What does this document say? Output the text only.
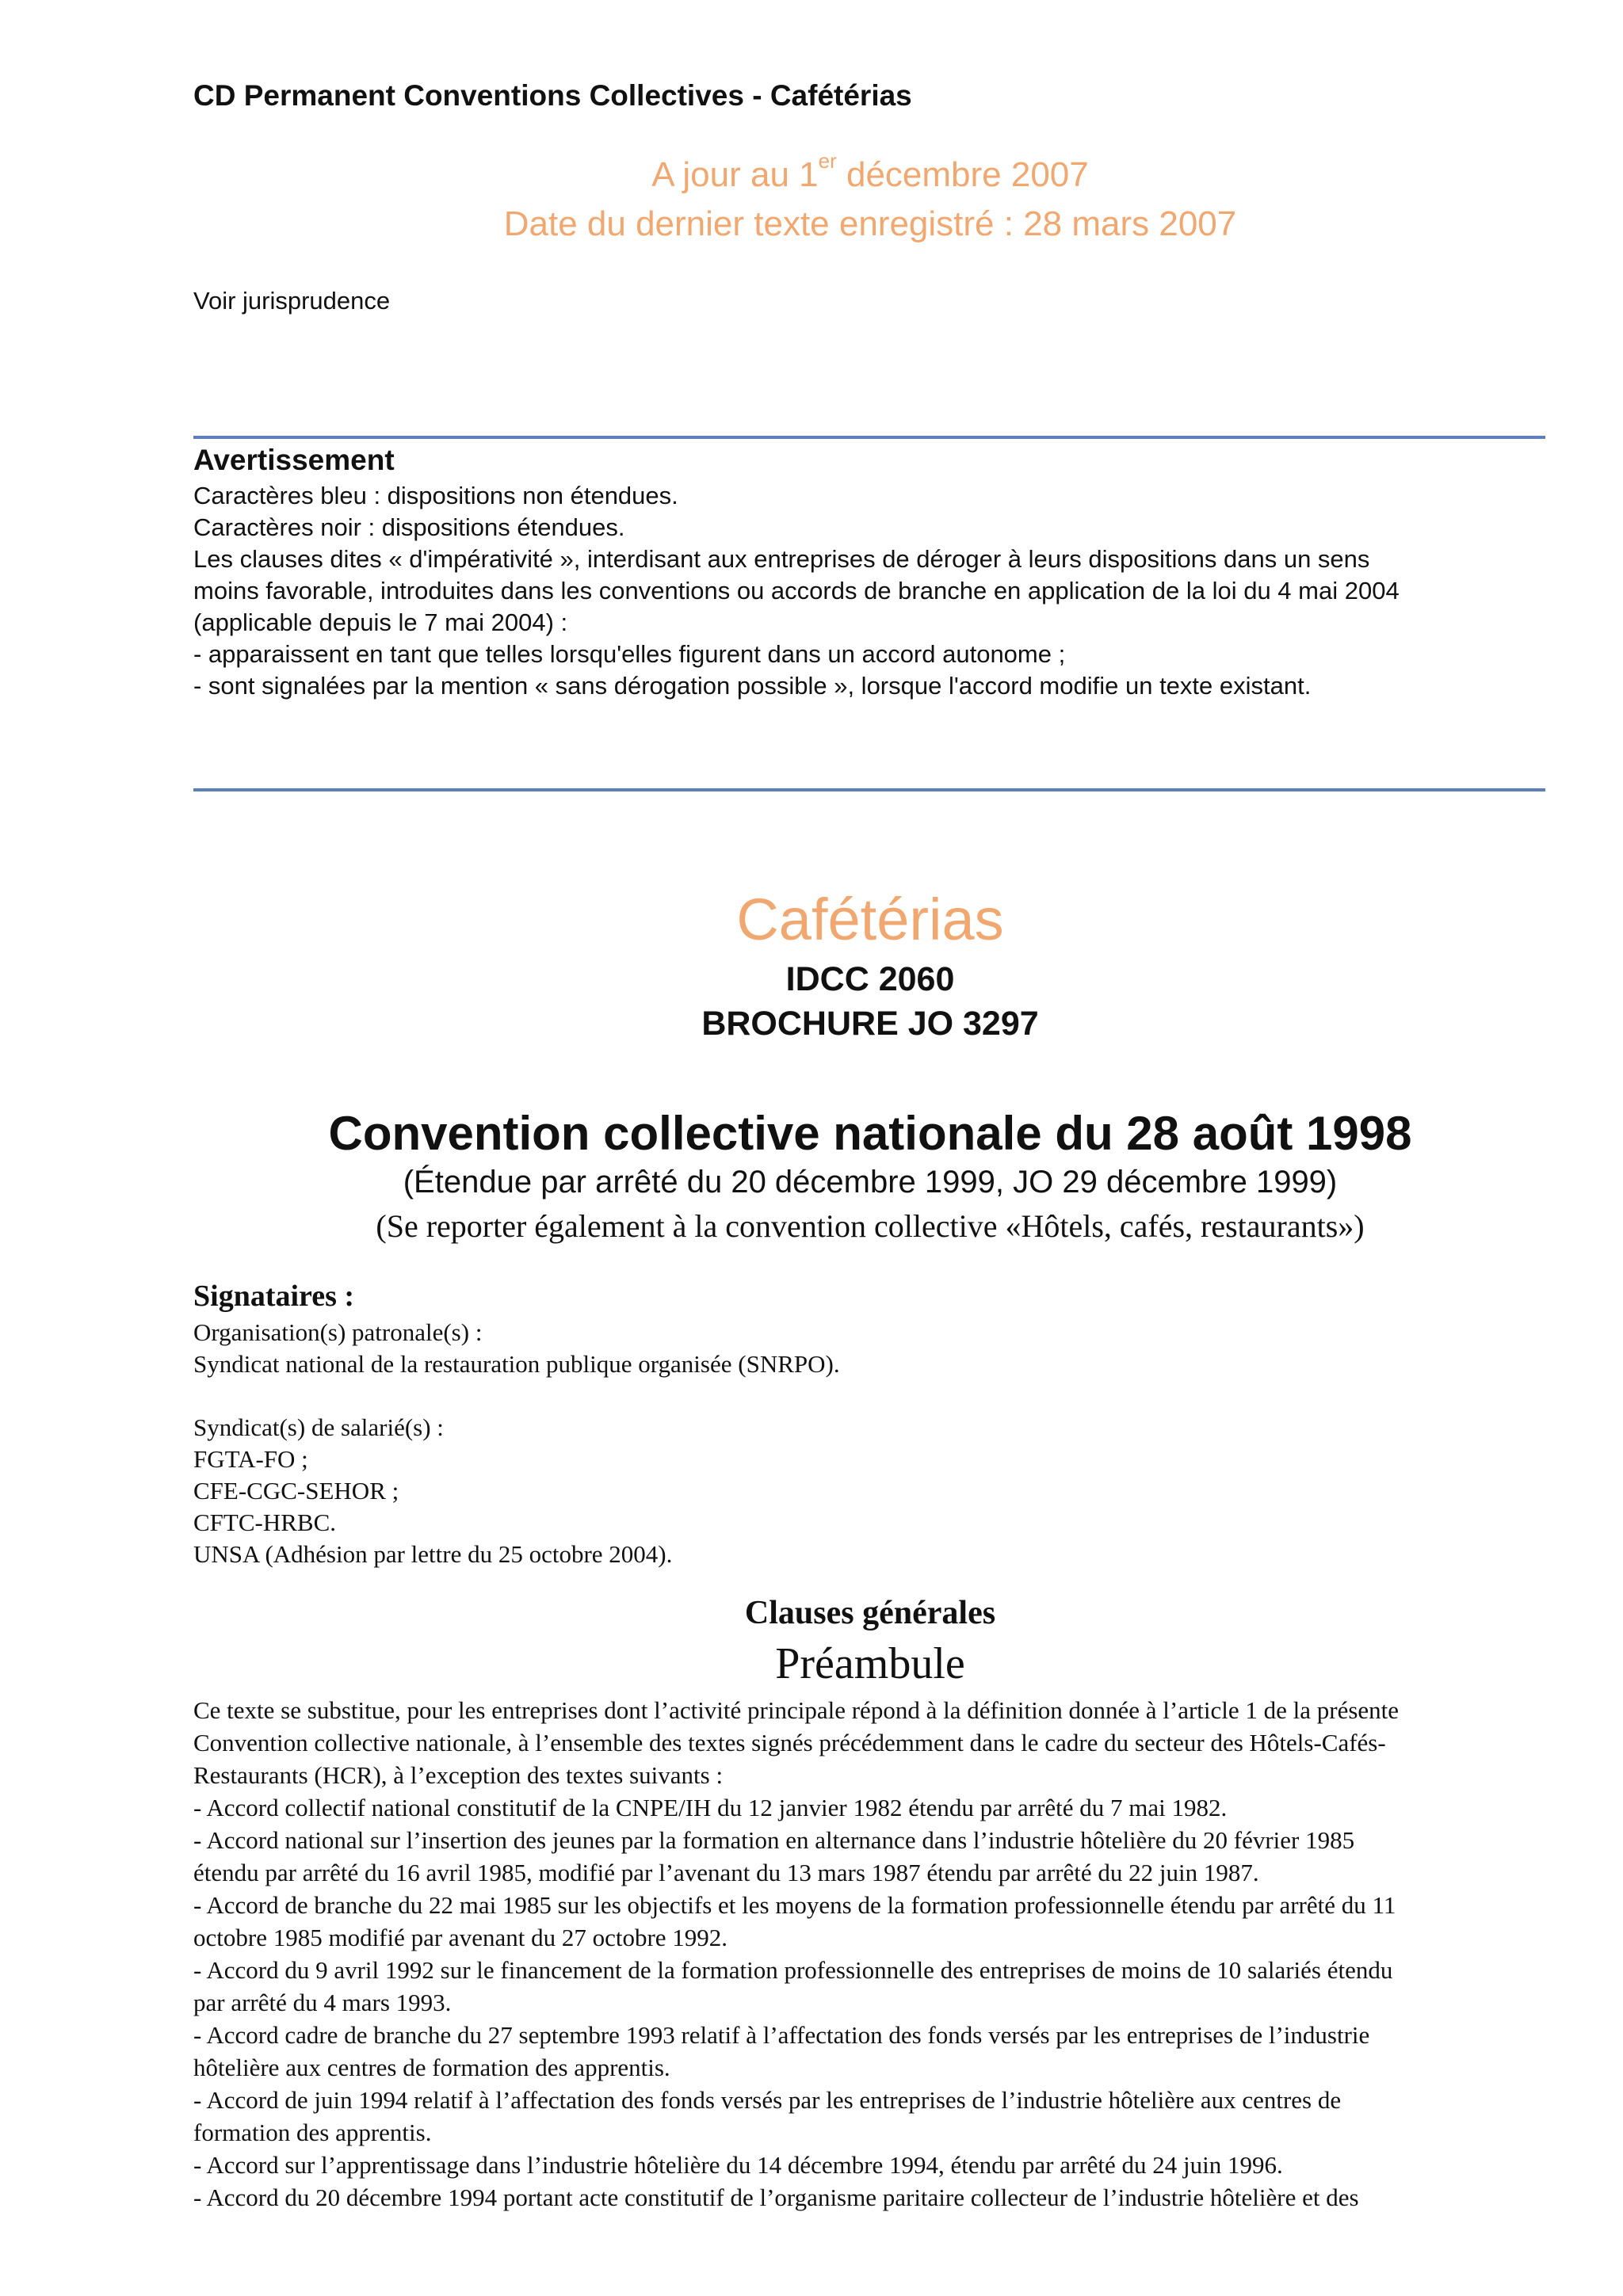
CD Permanent Conventions Collectives - Cafétérias
A jour au 1er décembre 2007
Date du dernier texte enregistré : 28 mars 2007
Voir jurisprudence
Avertissement
Caractères bleu : dispositions non étendues.
Caractères noir : dispositions étendues.
Les clauses dites « d'impérativité », interdisant aux entreprises de déroger à leurs dispositions dans un sens
moins favorable, introduites dans les conventions ou accords de branche en application de la loi du 4 mai 2004
(applicable depuis le 7 mai 2004) :
- apparaissent en tant que telles lorsqu'elles figurent dans un accord autonome ;
- sont signalées par la mention « sans dérogation possible », lorsque l'accord modifie un texte existant.
Cafétérias
IDCC 2060
BROCHURE JO 3297
Convention collective nationale du 28 août 1998
(Étendue par arrêté du 20 décembre 1999, JO 29 décembre 1999)
(Se reporter également à la convention collective «Hôtels, cafés, restaurants»)
Signataires :
Organisation(s) patronale(s) :
Syndicat national de la restauration publique organisée (SNRPO).
Syndicat(s) de salarié(s) :
FGTA-FO ;
CFE-CGC-SEHOR ;
CFTC-HRBC.
UNSA (Adhésion par lettre du 25 octobre 2004).
Clauses générales
Préambule
Ce texte se substitue, pour les entreprises dont l’activité principale répond à la définition donnée à l’article 1 de la présente
Convention collective nationale, à l’ensemble des textes signés précédemment dans le cadre du secteur des Hôtels-Cafés-
Restaurants (HCR), à l’exception des textes suivants :
- Accord collectif national constitutif de la CNPE/IH du 12 janvier 1982 étendu par arrêté du 7 mai 1982.
- Accord national sur l’insertion des jeunes par la formation en alternance dans l’industrie hôtelière du 20 février 1985
étendu par arrêté du 16 avril 1985, modifié par l’avenant du 13 mars 1987 étendu par arrêté du 22 juin 1987.
- Accord de branche du 22 mai 1985 sur les objectifs et les moyens de la formation professionnelle étendu par arrêté du 11
octobre 1985 modifié par avenant du 27 octobre 1992.
- Accord du 9 avril 1992 sur le financement de la formation professionnelle des entreprises de moins de 10 salariés étendu
par arrêté du 4 mars 1993.
- Accord cadre de branche du 27 septembre 1993 relatif à l’affectation des fonds versés par les entreprises de l’industrie
hôtelière aux centres de formation des apprentis.
- Accord de juin 1994 relatif à l’affectation des fonds versés par les entreprises de l’industrie hôtelière aux centres de
formation des apprentis.
- Accord sur l’apprentissage dans l’industrie hôtelière du 14 décembre 1994, étendu par arrêté du 24 juin 1996.
- Accord du 20 décembre 1994 portant acte constitutif de l’organisme paritaire collecteur de l’industrie hôtelière et des
